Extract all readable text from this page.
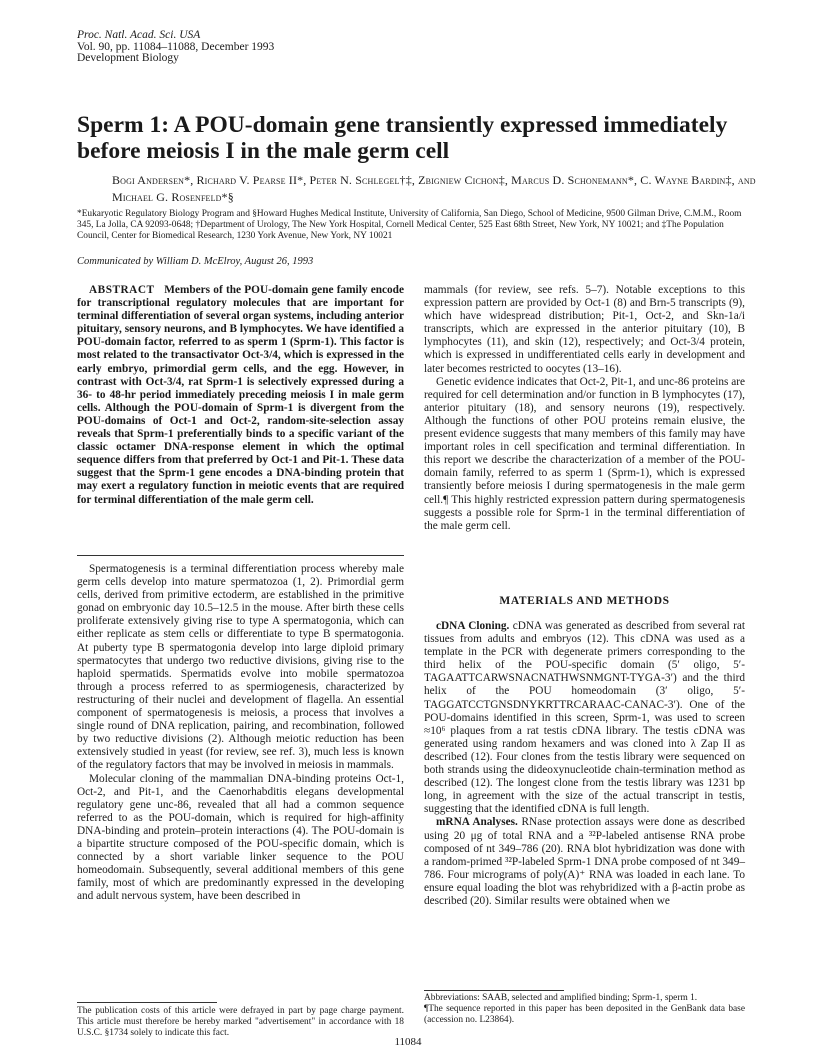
Proc. Natl. Acad. Sci. USA
Vol. 90, pp. 11084–11088, December 1993
Development Biology
Sperm 1: A POU-domain gene transiently expressed immediately before meiosis I in the male germ cell
Bogi Andersen*, Richard V. Pearse II*, Peter N. Schlegel†‡, Zbigniew Cichon‡, Marcus D. Schonemann*, C. Wayne Bardin‡, and Michael G. Rosenfeld*§
*Eukaryotic Regulatory Biology Program and §Howard Hughes Medical Institute, University of California, San Diego, School of Medicine, 9500 Gilman Drive, C.M.M., Room 345, La Jolla, CA 92093-0648; †Department of Urology, The New York Hospital, Cornell Medical Center, 525 East 68th Street, New York, NY 10021; and ‡The Population Council, Center for Biomedical Research, 1230 York Avenue, New York, NY 10021
Communicated by William D. McElroy, August 26, 1993

ABSTRACT Members of the POU-domain gene family encode for transcriptional regulatory molecules that are important for terminal differentiation of several organ systems, including anterior pituitary, sensory neurons, and B lymphocytes. We have identified a POU-domain factor, referred to as sperm 1 (Sprm-1). This factor is most related to the transactivator Oct-3/4, which is expressed in the early embryo, primordial germ cells, and the egg. However, in contrast with Oct-3/4, rat Sprm-1 is selectively expressed during a 36- to 48-hr period immediately preceding meiosis I in male germ cells. Although the POU-domain of Sprm-1 is divergent from the POU-domains of Oct-1 and Oct-2, random-site-selection assay reveals that Sprm-1 preferentially binds to a specific variant of the classic octamer DNA-response element in which the optimal sequence differs from that preferred by Oct-1 and Pit-1. These data suggest that the Sprm-1 gene encodes a DNA-binding protein that may exert a regulatory function in meiotic events that are required for terminal differentiation of the male germ cell.

Spermatogenesis is a terminal differentiation process whereby male germ cells develop into mature spermatozoa (1, 2). Primordial germ cells, derived from primitive ectoderm, are established in the primitive gonad on embryonic day 10.5–12.5 in the mouse. After birth these cells proliferate extensively giving rise to type A spermatogonia, which can either replicate as stem cells or differentiate to type B spermatogonia. At puberty type B spermatogonia develop into large diploid primary spermatocytes that undergo two reductive divisions, giving rise to the haploid spermatids. Spermatids evolve into mobile spermatozoa through a process referred to as spermiogenesis, characterized by restructuring of their nuclei and development of flagella. An essential component of spermatogenesis is meiosis, a process that involves a single round of DNA replication, pairing, and recombination, followed by two reductive divisions (2). Although meiotic reduction has been extensively studied in yeast (for review, see ref. 3), much less is known of the regulatory factors that may be involved in meiosis in mammals.

Molecular cloning of the mammalian DNA-binding proteins Oct-1, Oct-2, and Pit-1, and the Caenorhabditis elegans developmental regulatory gene unc-86, revealed that all had a common sequence referred to as the POU-domain, which is required for high-affinity DNA-binding and protein–protein interactions (4). The POU-domain is a bipartite structure composed of the POU-specific domain, which is connected by a short variable linker sequence to the POU homeodomain. Subsequently, several additional members of this gene family, most of which are predominantly expressed in the developing and adult nervous system, have been described in

mammals (for review, see refs. 5–7). Notable exceptions to this expression pattern are provided by Oct-1 (8) and Brn-5 transcripts (9), which have widespread distribution; Pit-1, Oct-2, and Skn-1a/i transcripts, which are expressed in the anterior pituitary (10), B lymphocytes (11), and skin (12), respectively; and Oct-3/4 protein, which is expressed in undifferentiated cells early in development and later becomes restricted to oocytes (13–16).

Genetic evidence indicates that Oct-2, Pit-1, and unc-86 proteins are required for cell determination and/or function in B lymphocytes (17), anterior pituitary (18), and sensory neurons (19), respectively. Although the functions of other POU proteins remain elusive, the present evidence suggests that many members of this family may have important roles in cell specification and terminal differentiation. In this report we describe the characterization of a member of the POU-domain family, referred to as sperm 1 (Sprm-1), which is expressed transiently before meiosis I during spermatogenesis in the male germ cell.¶ This highly restricted expression pattern during spermatogenesis suggests a possible role for Sprm-1 in the terminal differentiation of the male germ cell.

MATERIALS AND METHODS

cDNA Cloning. cDNA was generated as described from several rat tissues from adults and embryos (12). This cDNA was used as a template in the PCR with degenerate primers corresponding to the third helix of the POU-specific domain (5′ oligo, 5′-TAGAATTCARWSNACNATHWSNMGNT-TYGA-3′) and the third helix of the POU homeodomain (3′ oligo, 5′-TAGGATCCTGNSDNYKRTTRCARAAC-CANAC-3′). One of the POU-domains identified in this screen, Sprm-1, was used to screen ≈10⁶ plaques from a rat testis cDNA library. The testis cDNA was generated using random hexamers and was cloned into λ Zap II as described (12). Four clones from the testis library were sequenced on both strands using the dideoxynucleotide chain-termination method as described (12). The longest clone from the testis library was 1231 bp long, in agreement with the size of the actual transcript in testis, suggesting that the identified cDNA is full length.

mRNA Analyses. RNase protection assays were done as described using 20 μg of total RNA and a ³²P-labeled antisense RNA probe composed of nt 349–786 (20). RNA blot hybridization was done with a random-primed ³²P-labeled Sprm-1 DNA probe composed of nt 349–786. Four micrograms of poly(A)⁺ RNA was loaded in each lane. To ensure equal loading the blot was rehybridized with a β-actin probe as described (20). Similar results were obtained when we

The publication costs of this article were defrayed in part by page charge payment. This article must therefore be hereby marked "advertisement" in accordance with 18 U.S.C. §1734 solely to indicate this fact.

Abbreviations: SAAB, selected and amplified binding; Sprm-1, sperm 1.

¶The sequence reported in this paper has been deposited in the GenBank data base (accession no. L23864).

11084
